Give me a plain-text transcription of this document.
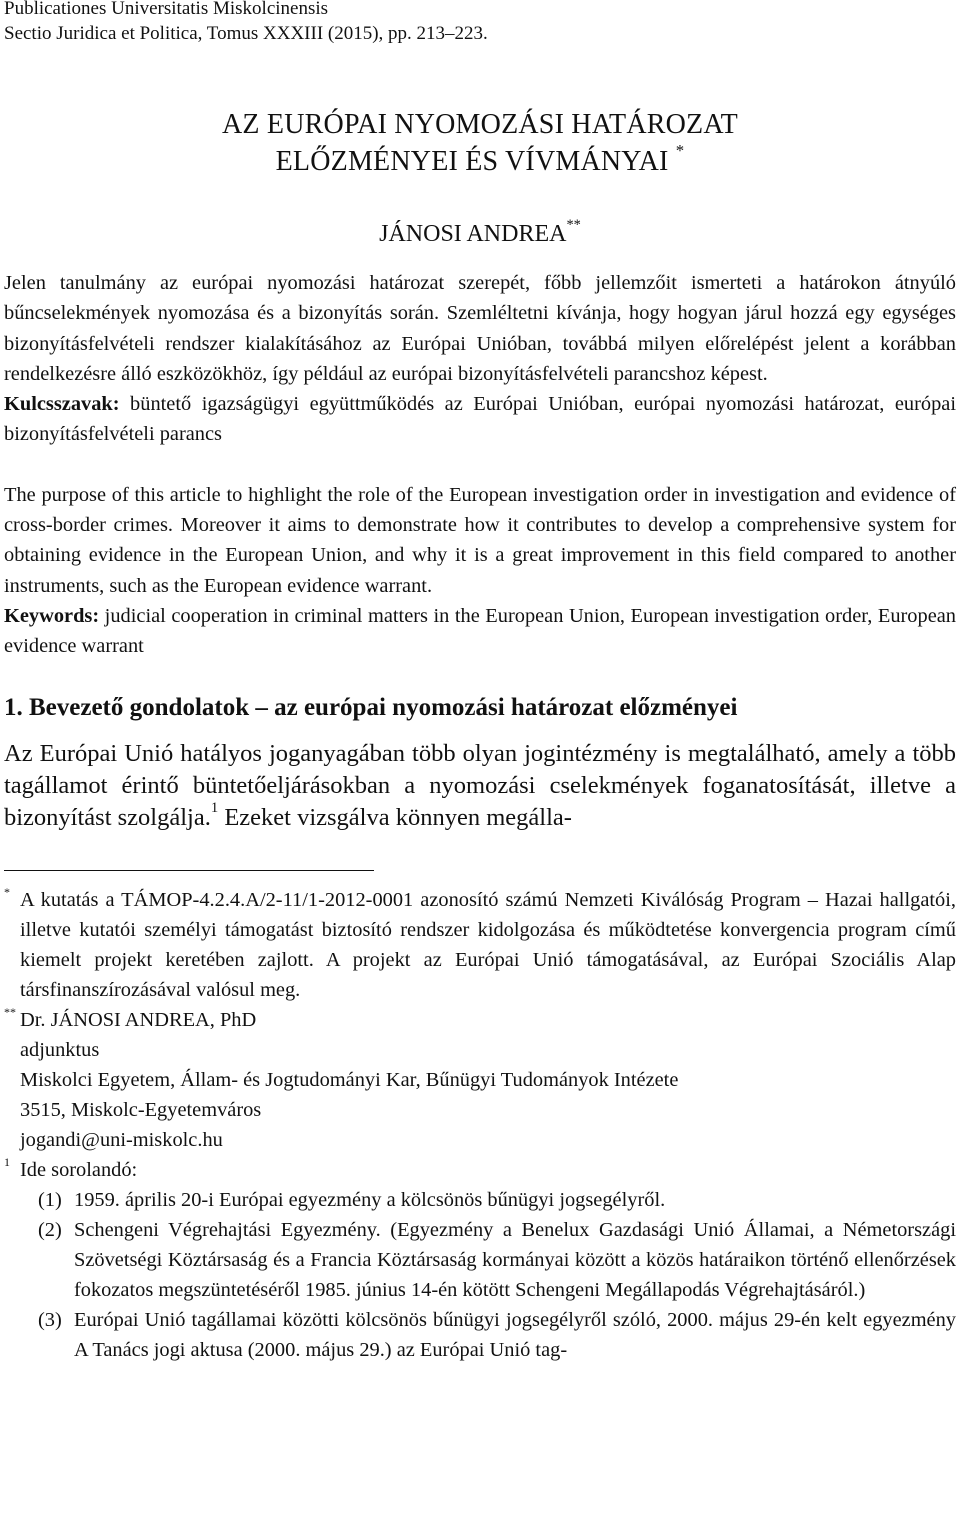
Publicationes Universitatis Miskolcinensis
Sectio Juridica et Politica, Tomus XXXIII (2015), pp. 213–223.
AZ EURÓPAI NYOMOZÁSI HATÁROZAT
ELŐZMÉNYEI ÉS VÍVMÁNYAI *
JÁNOSI ANDREA**

Jelen tanulmány az európai nyomozási határozat szerepét, főbb jellemzőit ismerteti a határokon átnyúló bűncselekmények nyomozása és a bizonyítás során. Szemléltetni kívánja, hogy hogyan járul hozzá egy egységes bizonyításfelvételi rendszer kialakításához az Európai Unióban, továbbá milyen előrelépést jelent a korábban rendelkezésre álló eszközökhöz, így például az európai bizonyításfelvételi parancshoz képest.
Kulcsszavak: büntető igazságügyi együttműködés az Európai Unióban, európai nyomozási határozat, európai bizonyításfelvételi parancs

The purpose of this article to highlight the role of the European investigation order in investigation and evidence of cross-border crimes. Moreover it aims to demonstrate how it contributes to develop a comprehensive system for obtaining evidence in the European Union, and why it is a great improvement in this field compared to another instruments, such as the European evidence warrant.
Keywords: judicial cooperation in criminal matters in the European Union, European investigation order, European evidence warrant

1. Bevezető gondolatok – az európai nyomozási határozat előzményei

Az Európai Unió hatályos joganyagában több olyan jogintézmény is megtalálható, amely a több tagállamot érintő büntetőeljárásokban a nyomozási cselekmények foganatosítását, illetve a bizonyítást szolgálja.$^1$ Ezeket vizsgálva könnyen megálla-

* A kutatás a TÁMOP-4.2.4.A/2-11/1-2012-0001 azonosító számú Nemzeti Kiválóság Program – Hazai hallgatói, illetve kutatói személyi támogatást biztosító rendszer kidolgozása és működtetése konvergencia program című kiemelt projekt keretében zajlott. A projekt az Európai Unió támogatásával, az Európai Szociális Alap társfinanszírozásával valósul meg.
** Dr. JÁNOSI ANDREA, PhD
adjunktus
Miskolci Egyetem, Állam- és Jogtudományi Kar, Bűnügyi Tudományok Intézete
3515, Miskolc-Egyetemváros
jogandi@uni-miskolc.hu
1 Ide sorolandó:
(1) 1959. április 20-i Európai egyezmény a kölcsönös bűnügyi jogsegélyről.
(2) Schengeni Végrehajtási Egyezmény. (Egyezmény a Benelux Gazdasági Unió Államai, a Németországi Szövetségi Köztársaság és a Francia Köztársaság kormányai között a közös határaikon történő ellenőrzések fokozatos megszüntetéséről 1985. június 14-én kötött Schengeni Megállapodás Végrehajtásáról.)
(3) Európai Unió tagállamai közötti kölcsönös bűnügyi jogsegélyről szóló, 2000. május 29-én kelt egyezmény A Tanács jogi aktusa (2000. május 29.) az Európai Unió tag-
